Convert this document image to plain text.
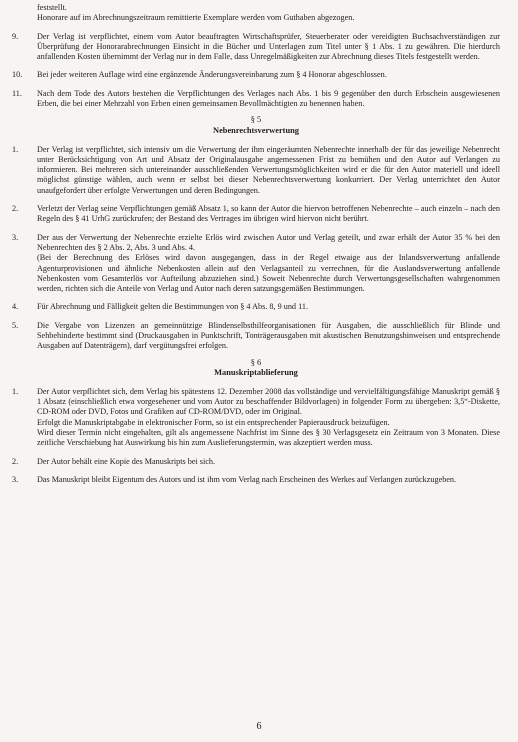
feststellt.

Honorare auf im Abrechnungszeitraum remittierte Exemplare werden vom Guthaben abgezogen.

9.	Der Verlag ist verpflichtet, einem vom Autor beauftragten Wirtschaftsprüfer, Steuerberater oder vereidigten Buchsachverständigen zur Überprüfung der Honorarabrechnungen Einsicht in die Bücher und Unterlagen zum Titel unter § 1 Abs. 1 zu gewähren. Die hierdurch anfallenden Kosten übernimmt der Verlag nur in dem Falle, dass Unregelmäßigkeiten zur Abrechnung dieses Titels festgestellt werden.
10.	Bei jeder weiteren Auflage wird eine ergänzende Änderungsvereinbarung zum § 4 Honorar abgeschlossen.
11.	Nach dem Tode des Autors bestehen die Verpflichtungen des Verlages nach Abs. 1 bis 9 gegenüber den durch Erbschein ausgewiesenen Erben, die bei einer Mehrzahl von Erben einen gemeinsamen Bevollmächtigten zu benennen haben.
§ 5
Nebenrechtsverwertung
1.	Der Verlag ist verpflichtet, sich intensiv um die Verwertung der ihm eingeräumten Nebenrechte innerhalb der für das jeweilige Nebenrecht unter Berücksichtigung von Art und Absatz der Originalausgabe angemessenen Frist zu bemühen und den Autor auf Verlangen zu informieren. Bei mehreren sich untereinander ausschließenden Verwertungsmöglichkeiten wird er die für den Autor materiell und ideell möglichst günstige wählen, auch wenn er selbst bei dieser Nebenrechtsverwertung konkurriert. Der Verlag unterrichtet den Autor unaufgefordert über erfolgte Verwertungen und deren Bedingungen.
2.	Verletzt der Verlag seine Verpflichtungen gemäß Absatz 1, so kann der Autor die hiervon betroffenen Nebenrechte – auch einzeln – nach den Regeln des § 41 UrhG zurückrufen; der Bestand des Vertrages im übrigen wird hiervon nicht berührt.
3.	Der aus der Verwertung der Nebenrechte erzielte Erlös wird zwischen Autor und Verlag geteilt, und zwar erhält der Autor 35 % bei den Nebenrechten des § 2 Abs. 2, Abs. 3 und Abs. 4.
(Bei der Berechnung des Erlöses wird davon ausgegangen, dass in der Regel etwaige aus der Inlandsverwertung anfallende Agenturprovisionen und ähnliche Nebenkosten allein auf den Verlagsanteil zu verrechnen, für die Auslandsverwertung anfallende Nebenkosten vom Gesamterlös vor Aufteilung abzuziehen sind.) Soweit Nebenrechte durch Verwertungsgesellschaften wahrgenommen werden, richten sich die Anteile von Verlag und Autor nach deren satzungsgemäßen Bestimmungen.
4.	Für Abrechnung und Fälligkeit gelten die Bestimmungen von § 4 Abs. 8, 9 und 11.
5.	Die Vergabe von Lizenzen an gemeinnützige Blindenselbsthilfeorganisationen für Ausgaben, die ausschließlich für Blinde und Sehbehinderte bestimmt sind (Druckausgaben in Punktschrift, Tonträgerausgaben mit akustischen Benutzungshinweisen und entsprechende Ausgaben auf Datenträgern), darf vergütungsfrei erfolgen.
§ 6
Manuskriptablieferung
1.	Der Autor verpflichtet sich, dem Verlag bis spätestens 12. Dezember 2008 das vollständige und vervielfältigungsfähige Manuskript gemäß § 1 Absatz (einschließlich etwa vorgesehener und vom Autor zu beschaffender Bildvorlagen) in folgender Form zu übergeben: 3,5“-Diskette, CD-ROM oder DVD, Fotos und Grafiken auf CD-ROM/DVD, oder im Original.
Erfolgt die Manuskriptabgabe in elektronischer Form, so ist ein entsprechender Papierausdruck beizufügen.
Wird dieser Termin nicht eingehalten, gilt als angemessene Nachfrist im Sinne des § 30 Verlagsgesetz ein Zeitraum von 3 Monaten. Diese zeitliche Verschiebung hat Auswirkung bis hin zum Auslieferungstermin, was akzeptiert werden muss.
2.	Der Autor behält eine Kopie des Manuskripts bei sich.
3.	Das Manuskript bleibt Eigentum des Autors und ist ihm vom Verlag nach Erscheinen des Werkes auf Verlangen zurückzugeben.
6
